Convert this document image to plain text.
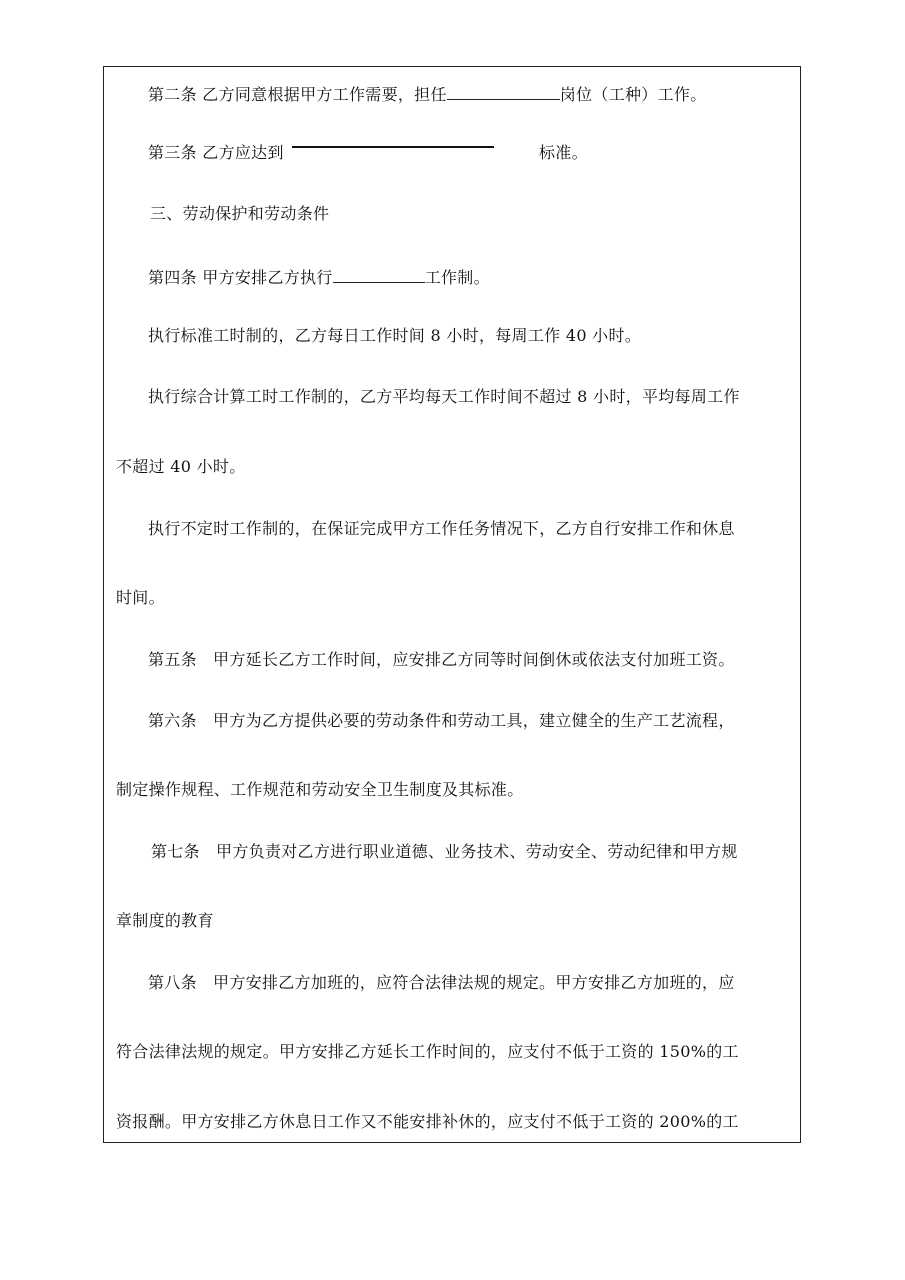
第二条 乙方同意根据甲方工作需要，担任	岗位（工种）工作。
第三条 乙方应达到	标准。
三、劳动保护和劳动条件
第四条 甲方安排乙方执行	工作制。
执行标准工时制的，乙方每日工作时间 8 小时，每周工作 40 小时。
执行综合计算工时工作制的，乙方平均每天工作时间不超过 8 小时，平均每周工作
不超过 40 小时。
执行不定时工作制的，在保证完成甲方工作任务情况下，乙方自行安排工作和休息
时间。
第五条   甲方延长乙方工作时间，应安排乙方同等时间倒休或依法支付加班工资。
第六条   甲方为乙方提供必要的劳动条件和劳动工具，建立健全的生产工艺流程，
制定操作规程、工作规范和劳动安全卫生制度及其标准。
第七条   甲方负责对乙方进行职业道德、业务技术、劳动安全、劳动纪律和甲方规
章制度的教育
第八条   甲方安排乙方加班的，应符合法律法规的规定。甲方安排乙方加班的，应
符合法律法规的规定。甲方安排乙方延长工作时间的，应支付不低于工资的 150%的工
资报酬。甲方安排乙方休息日工作又不能安排补休的，应支付不低于工资的 200%的工
